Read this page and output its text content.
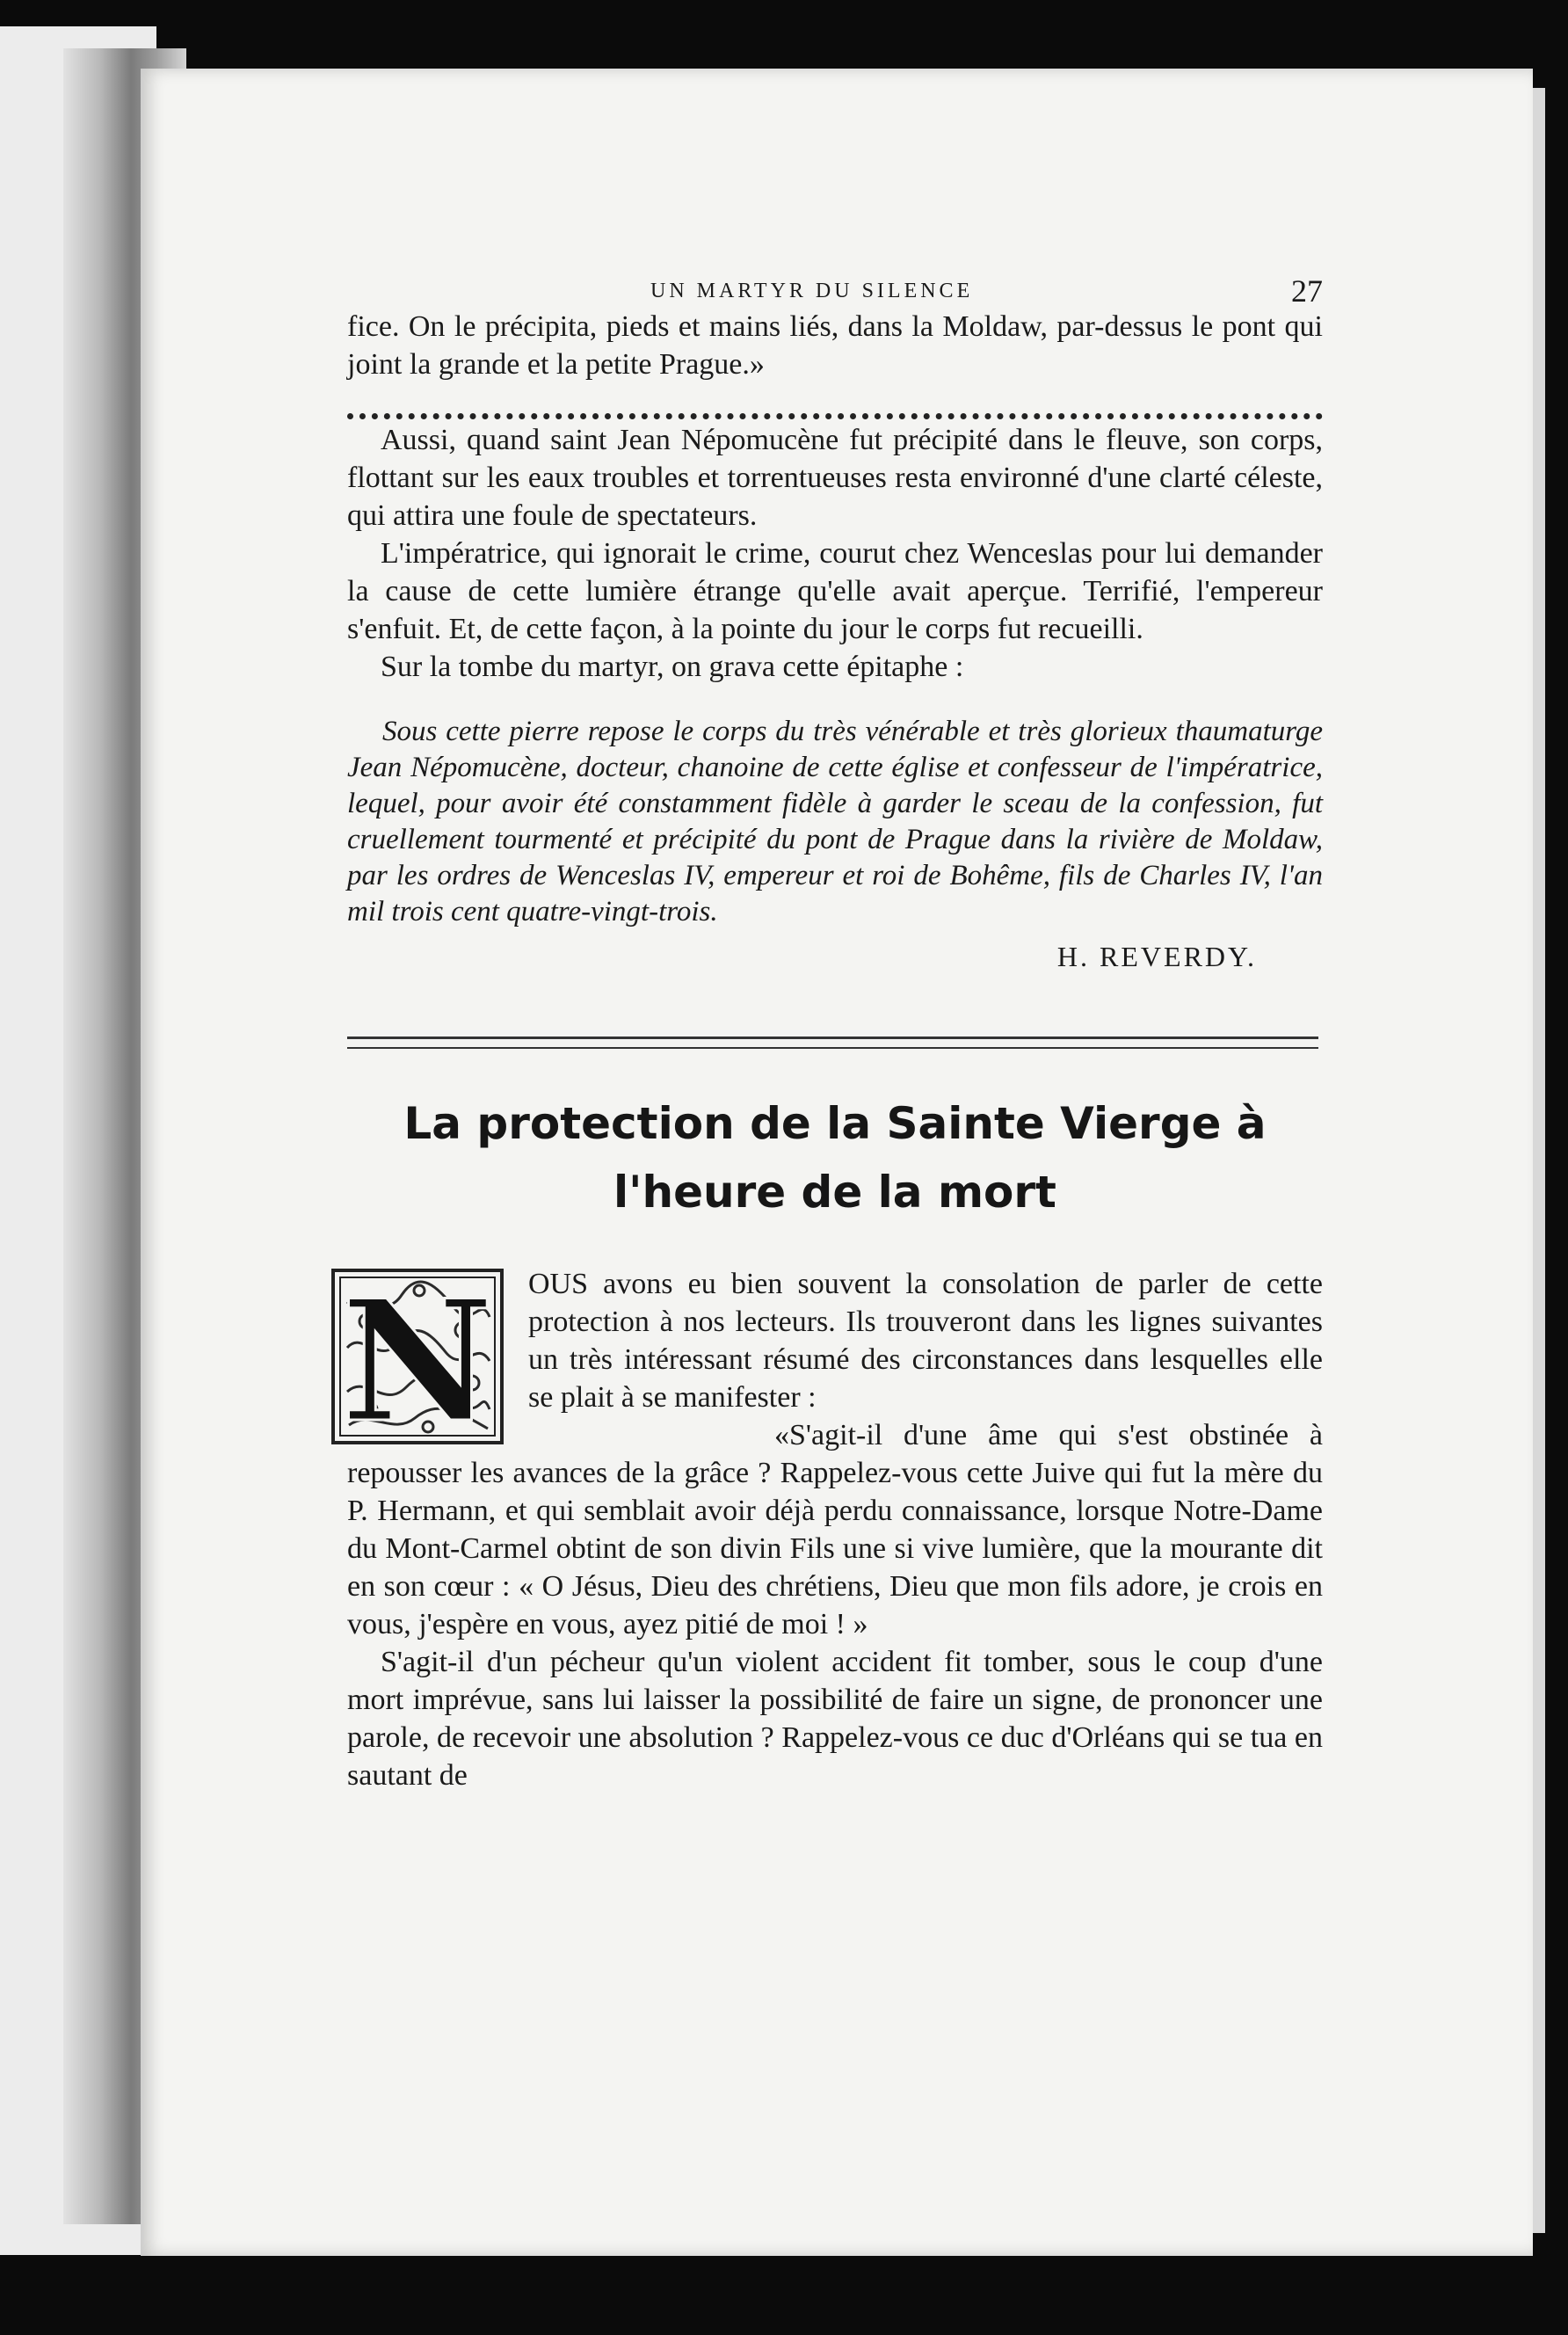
UN MARTYR DU SILENCE	27

fice. On le précipita, pieds et mains liés, dans la Moldaw, par-dessus le pont qui joint la grande et la petite Prague.»

Aussi, quand saint Jean Népomucène fut précipité dans le fleuve, son corps, flottant sur les eaux troubles et torrentueuses resta environné d'une clarté céleste, qui attira une foule de spectateurs.

L'impératrice, qui ignorait le crime, courut chez Wenceslas pour lui demander la cause de cette lumière étrange qu'elle avait aperçue. Terrifié, l'empereur s'enfuit. Et, de cette façon, à la pointe du jour le corps fut recueilli.

Sur la tombe du martyr, on grava cette épitaphe :

Sous cette pierre repose le corps du très vénérable et très glorieux thaumaturge Jean Népomucène, docteur, chanoine de cette église et confesseur de l'impératrice, lequel, pour avoir été constamment fidèle à garder le sceau de la confession, fut cruellement tourmenté et précipité du pont de Prague dans la rivière de Moldaw, par les ordres de Wenceslas IV, empereur et roi de Bohême, fils de Charles IV, l'an mil trois cent quatre-vingt-trois.

H. REVERDY.

La protection de la Sainte Vierge à
l'heure de la mort
N	OUS avons eu bien souvent la consolation de parler de cette protection à nos lecteurs. Ils trouveront dans les lignes suivantes un très intéressant résumé des circonstances dans lesquelles elle se plait à se manifester :

«S'agit-il d'une âme qui s'est obstinée à repousser les avances de la grâce ? Rappelez-vous cette Juive qui fut la mère du P. Hermann, et qui semblait avoir déjà perdu connaissance, lorsque Notre-Dame du Mont-Carmel obtint de son divin Fils une si vive lumière, que la mourante dit en son cœur : « O Jésus, Dieu des chrétiens, Dieu que mon fils adore, je crois en vous, j'espère en vous, ayez pitié de moi ! »

S'agit-il d'un pécheur qu'un violent accident fit tomber, sous le coup d'une mort imprévue, sans lui laisser la possibilité de faire un signe, de prononcer une parole, de recevoir une absolution ? Rappelez-vous ce duc d'Orléans qui se tua en sautant de
